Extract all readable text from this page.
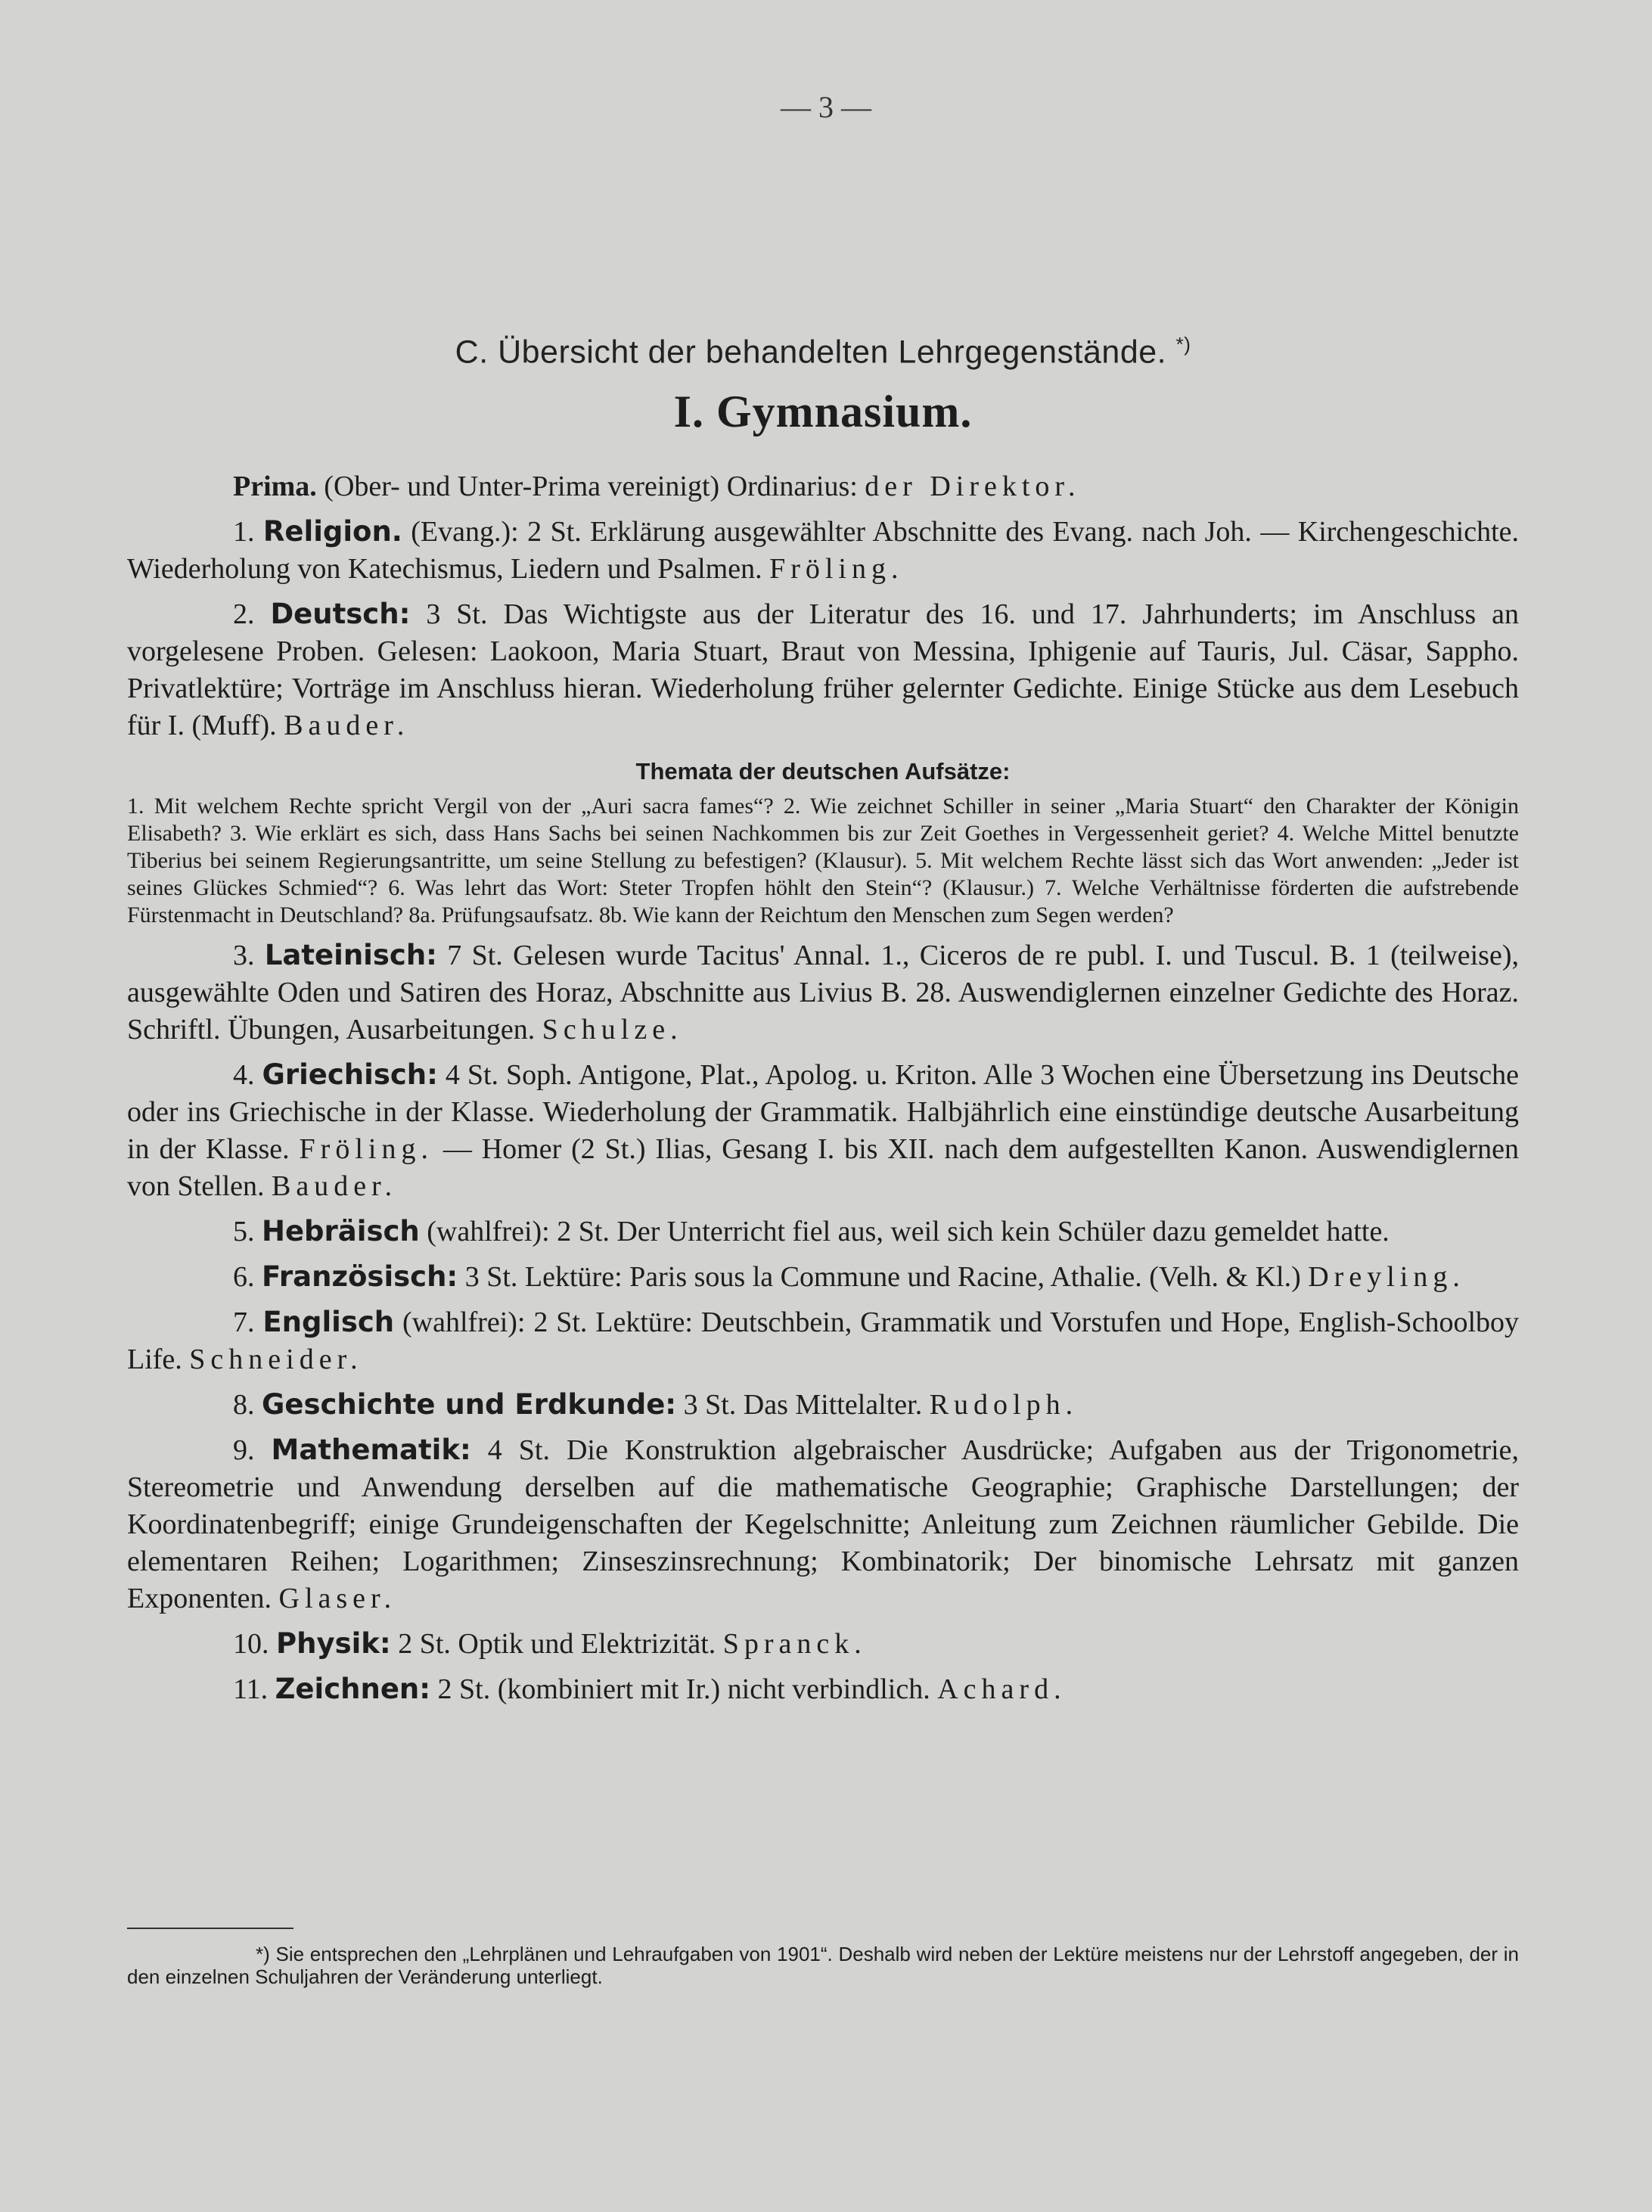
— 3 —
C. Übersicht der behandelten Lehrgegenstände. *)
I. Gymnasium.

Prima. (Ober- und Unter-Prima vereinigt) Ordinarius: der Direktor.

1. Religion. (Evang.): 2 St. Erklärung ausgewählter Abschnitte des Evang. nach Joh. — Kirchengeschichte. Wiederholung von Katechismus, Liedern und Psalmen. Fröling.

2. Deutsch: 3 St. Das Wichtigste aus der Literatur des 16. und 17. Jahrhunderts; im Anschluss an vorgelesene Proben. Gelesen: Laokoon, Maria Stuart, Braut von Messina, Iphigenie auf Tauris, Jul. Cäsar, Sappho. Privatlektüre; Vorträge im Anschluss hieran. Wiederholung früher gelernter Gedichte. Einige Stücke aus dem Lesebuch für I. (Muff). Bauder.

Themata der deutschen Aufsätze:

1. Mit welchem Rechte spricht Vergil von der „Auri sacra fames“? 2. Wie zeichnet Schiller in seiner „Maria Stuart“ den Charakter der Königin Elisabeth? 3. Wie erklärt es sich, dass Hans Sachs bei seinen Nachkommen bis zur Zeit Goethes in Vergessenheit geriet? 4. Welche Mittel benutzte Tiberius bei seinem Regierungsantritte, um seine Stellung zu befestigen? (Klausur). 5. Mit welchem Rechte lässt sich das Wort anwenden: „Jeder ist seines Glückes Schmied“? 6. Was lehrt das Wort: Steter Tropfen höhlt den Stein“? (Klausur.) 7. Welche Verhältnisse förderten die aufstrebende Fürstenmacht in Deutschland? 8a. Prüfungsaufsatz. 8b. Wie kann der Reichtum den Menschen zum Segen werden?

3. Lateinisch: 7 St. Gelesen wurde Tacitus' Annal. 1., Ciceros de re publ. I. und Tuscul. B. 1 (teilweise), ausgewählte Oden und Satiren des Horaz, Abschnitte aus Livius B. 28. Auswendiglernen einzelner Gedichte des Horaz. Schriftl. Übungen, Ausarbeitungen. Schulze.

4. Griechisch: 4 St. Soph. Antigone, Plat., Apolog. u. Kriton. Alle 3 Wochen eine Übersetzung ins Deutsche oder ins Griechische in der Klasse. Wiederholung der Grammatik. Halbjährlich eine einstündige deutsche Ausarbeitung in der Klasse. Fröling. — Homer (2 St.) Ilias, Gesang I. bis XII. nach dem aufgestellten Kanon. Auswendiglernen von Stellen. Bauder.

5. Hebräisch (wahlfrei): 2 St. Der Unterricht fiel aus, weil sich kein Schüler dazu gemeldet hatte.

6. Französisch: 3 St. Lektüre: Paris sous la Commune und Racine, Athalie. (Velh. & Kl.) Dreyling.

7. Englisch (wahlfrei): 2 St. Lektüre: Deutschbein, Grammatik und Vorstufen und Hope, English-Schoolboy Life. Schneider.

8. Geschichte und Erdkunde: 3 St. Das Mittelalter. Rudolph.

9. Mathematik: 4 St. Die Konstruktion algebraischer Ausdrücke; Aufgaben aus der Trigonometrie, Stereometrie und Anwendung derselben auf die mathematische Geographie; Graphische Darstellungen; der Koordinatenbegriff; einige Grundeigenschaften der Kegelschnitte; Anleitung zum Zeichnen räumlicher Gebilde. Die elementaren Reihen; Logarithmen; Zinseszinsrechnung; Kombinatorik; Der binomische Lehrsatz mit ganzen Exponenten. Glaser.

10. Physik: 2 St. Optik und Elektrizität. Spranck.

11. Zeichnen: 2 St. (kombiniert mit Ir.) nicht verbindlich. Achard.

*) Sie entsprechen den „Lehrplänen und Lehraufgaben von 1901“. Deshalb wird neben der Lektüre meistens nur der Lehrstoff angegeben, der in den einzelnen Schuljahren der Veränderung unterliegt.
